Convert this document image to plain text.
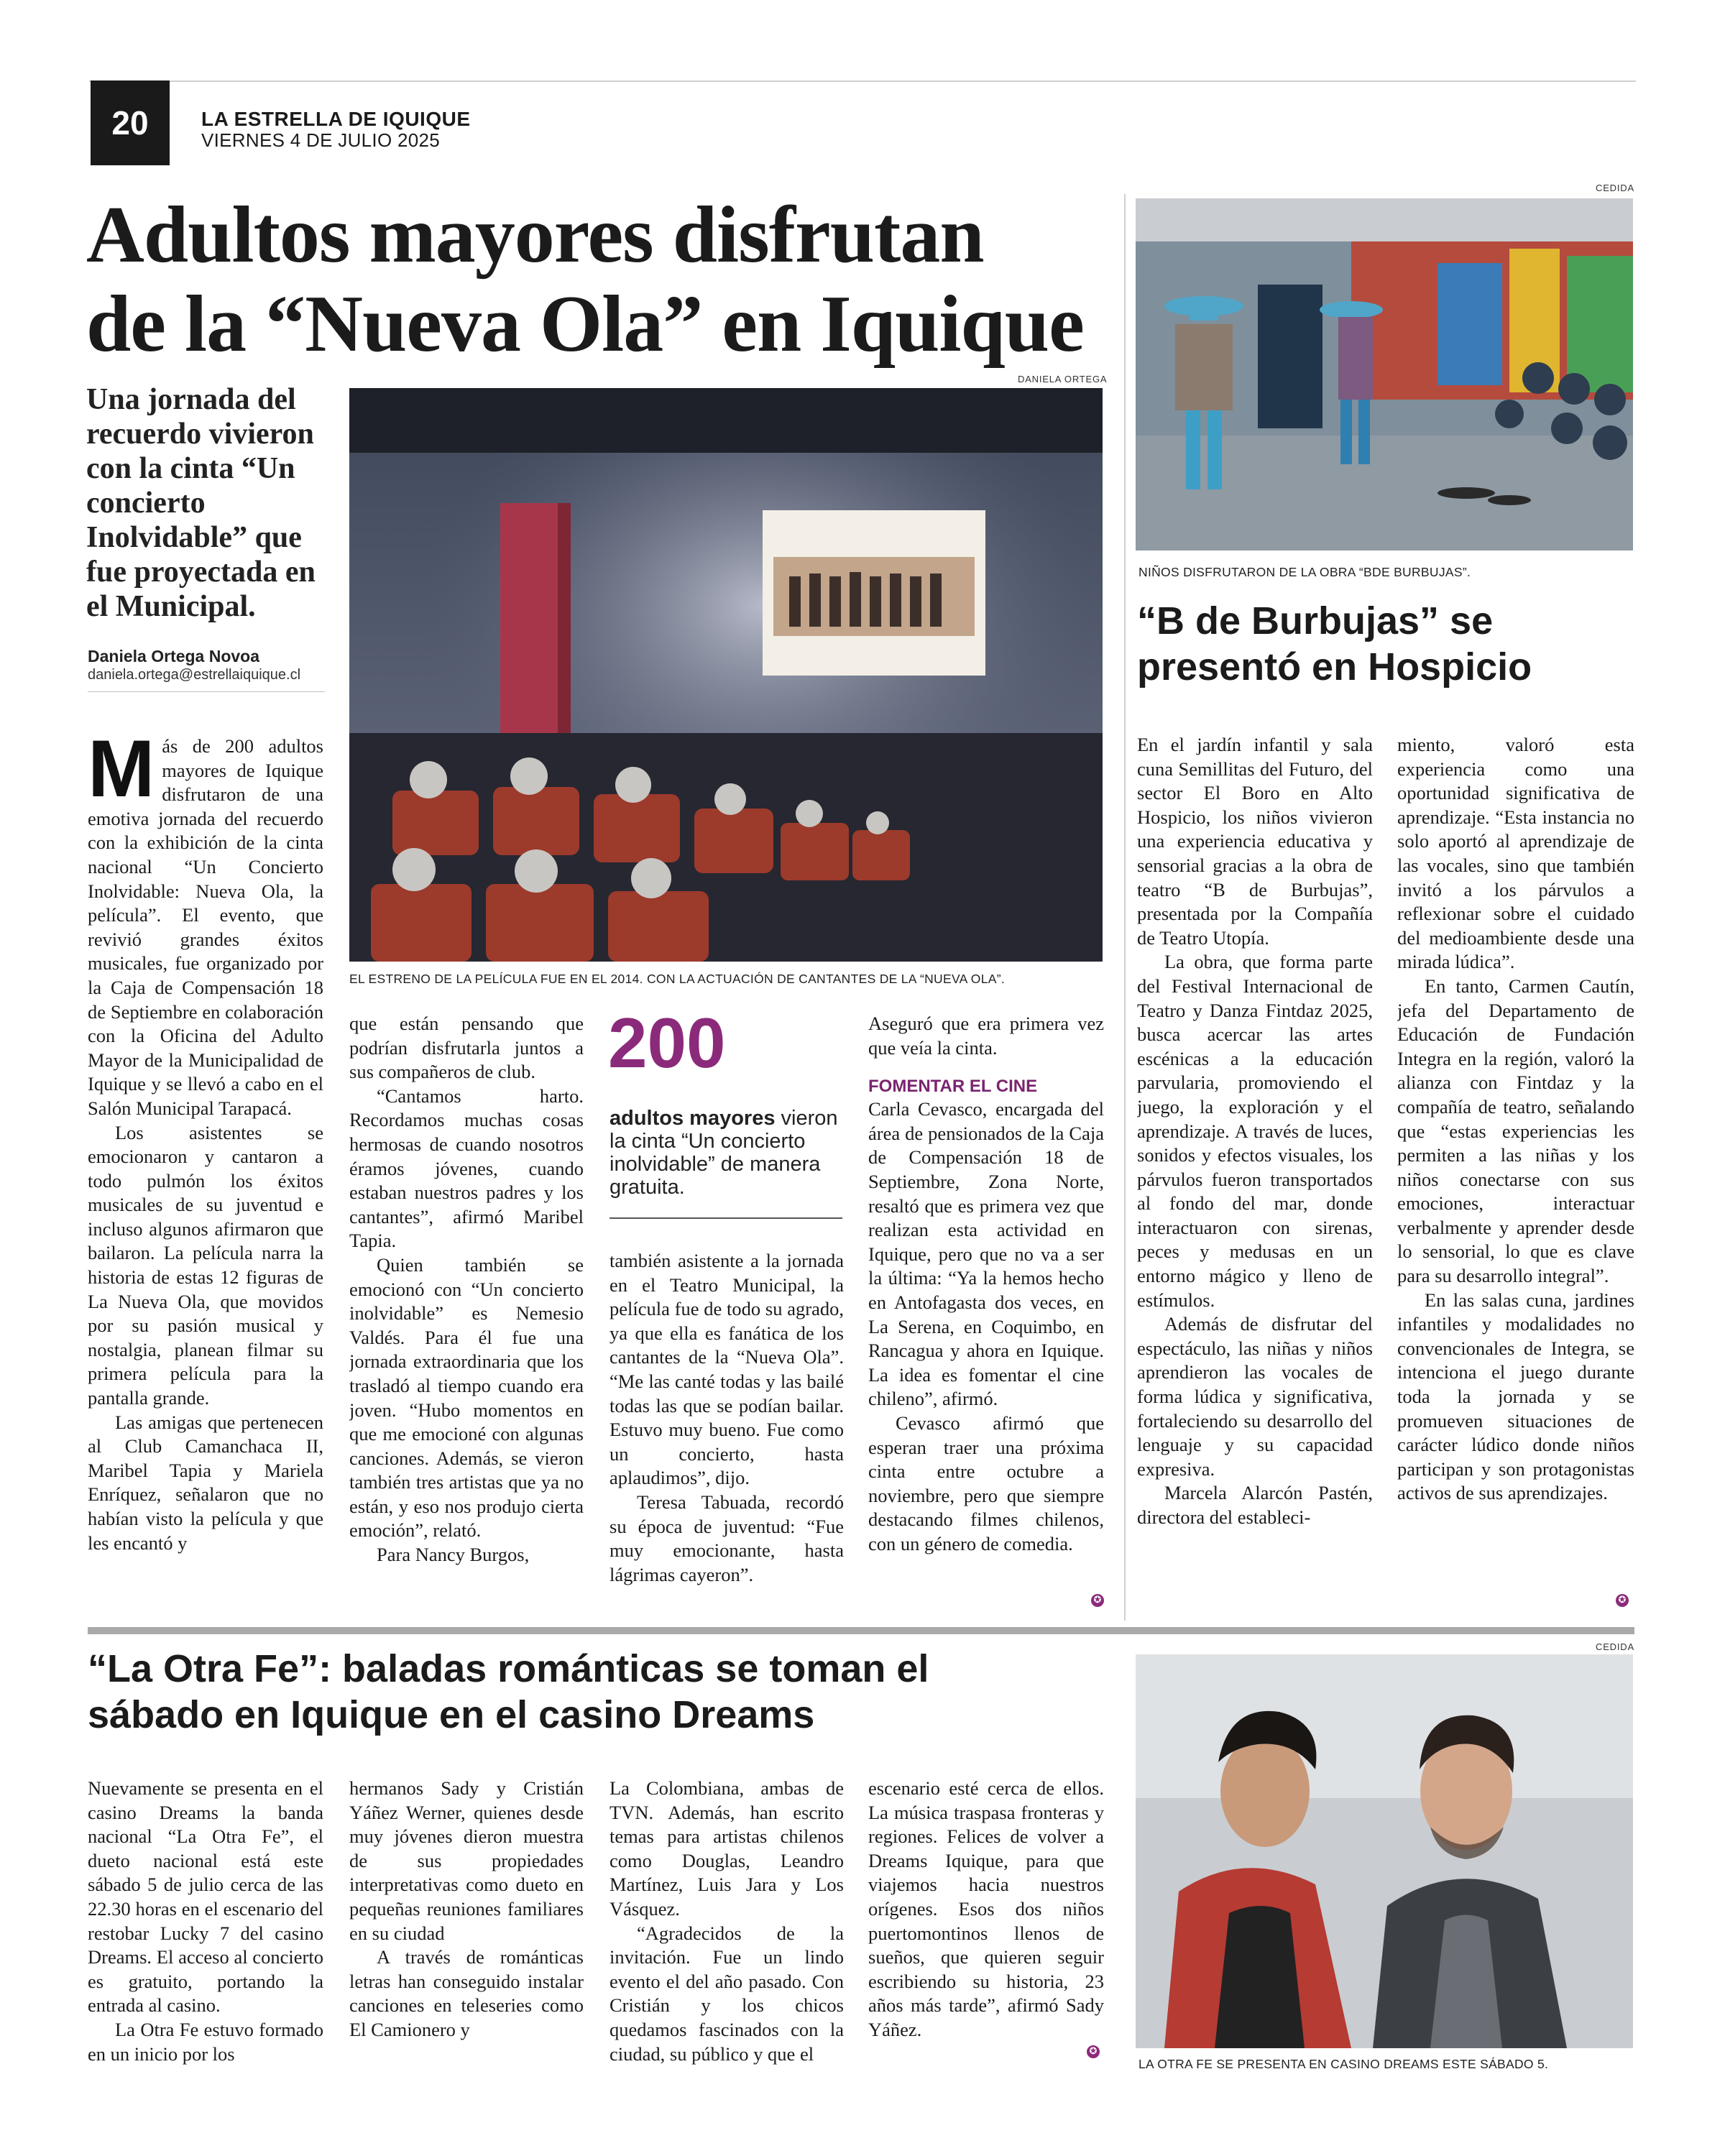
20	LA ESTRELLA DE IQUIQUE
VIERNES 4 DE JULIO 2025
Adultos mayores disfrutan
de la “Nueva Ola” en Iquique
Una jornada del recuerdo vivieron con la cinta “Un concierto Inolvidable” que fue proyectada en el Municipal.
Daniela Ortega Novoa
daniela.ortega@estrellaiquique.cl
DANIELA ORTEGA
EL ESTRENO DE LA PELÍCULA FUE EN EL 2014. CON LA ACTUACIÓN DE CANTANTES DE LA “NUEVA OLA”.

Más de 200 adultos mayores de Iquique disfrutaron de una emotiva jornada del recuerdo con la exhibición de la cinta nacional “Un Concierto Inolvidable: Nueva Ola, la película”. El evento, que revivió grandes éxitos musicales, fue organizado por la Caja de Compensación 18 de Septiembre en colaboración con la Oficina del Adulto Mayor de la Municipalidad de Iquique y se llevó a cabo en el Salón Municipal Tarapacá.

Los asistentes se emocionaron y cantaron a todo pulmón los éxitos musicales de su juventud e incluso algunos afirmaron que bailaron. La película narra la historia de estas 12 figuras de La Nueva Ola, que movidos por su pasión musical y nostalgia, planean filmar su primera película para la pantalla grande.

Las amigas que pertenecen al Club Camanchaca II, Maribel Tapia y Mariela Enríquez, señalaron que no habían visto la película y que les encantó y

que están pensando que podrían disfrutarla juntos a sus compañeros de club.

“Cantamos harto. Recordamos muchas cosas hermosas de cuando nosotros éramos jóvenes, cuando estaban nuestros padres y los cantantes”, afirmó Maribel Tapia.

Quien también se emocionó con “Un concierto inolvidable” es Nemesio Valdés. Para él fue una jornada extraordinaria que los trasladó al tiempo cuando era joven. “Hubo momentos en que me emocioné con algunas canciones. Además, se vieron también tres artistas que ya no están, y eso nos produjo cierta emoción”, relató.

Para Nancy Burgos,

200
adultos mayores vieron la cinta “Un concierto inolvidable” de manera gratuita.

también asistente a la jornada en el Teatro Municipal, la película fue de todo su agrado, ya que ella es fanática de los cantantes de la “Nueva Ola”. “Me las canté todas y las bailé todas las que se podían bailar. Estuvo muy bueno. Fue como un concierto, hasta aplaudimos”, dijo.

Teresa Tabuada, recordó su época de juventud: “Fue muy emocionante, hasta lágrimas cayeron”.

Aseguró que era primera vez que veía la cinta.

FOMENTAR EL CINE

Carla Cevasco, encargada del área de pensionados de la Caja de Compensación 18 de Septiembre, Zona Norte, resaltó que es primera vez que realizan esta actividad en Iquique, pero que no va a ser la última: “Ya la hemos hecho en Antofagasta dos veces, en La Serena, en Coquimbo, en Rancagua y ahora en Iquique. La idea es fomentar el cine chileno”, afirmó.

Cevasco afirmó que esperan traer una próxima cinta entre octubre a noviembre, pero que siempre destacando filmes chilenos, con un género de comedia.

✪
CEDIDA
NIÑOS DISFRUTARON DE LA OBRA “BDE BURBUJAS”.
“B de Burbujas” se
presentó en Hospicio

En el jardín infantil y sala cuna Semillitas del Futuro, del sector El Boro en Alto Hospicio, los niños vivieron una experiencia educativa y sensorial gracias a la obra de teatro “B de Burbujas”, presentada por la Compañía de Teatro Utopía.

La obra, que forma parte del Festival Internacional de Teatro y Danza Fintdaz 2025, busca acercar las artes escénicas a la educación parvularia, promoviendo el juego, la exploración y el aprendizaje. A través de luces, sonidos y efectos visuales, los párvulos fueron transportados al fondo del mar, donde interactuaron con sirenas, peces y medusas en un entorno mágico y lleno de estímulos.

Además de disfrutar del espectáculo, las niñas y niños aprendieron las vocales de forma lúdica y significativa, fortaleciendo su desarrollo del lenguaje y su capacidad expresiva.

Marcela Alarcón Pastén, directora del estableci-

miento, valoró esta experiencia como una oportunidad significativa de aprendizaje. “Esta instancia no solo aportó al aprendizaje de las vocales, sino que también invitó a los párvulos a reflexionar sobre el cuidado del medioambiente desde una mirada lúdica”.

En tanto, Carmen Cautín, jefa del Departamento de Educación de Fundación Integra en la región, valoró la alianza con Fintdaz y la compañía de teatro, señalando que “estas experiencias les permiten a las niñas y los niños conectarse con sus emociones, interactuar verbalmente y aprender desde lo sensorial, lo que es clave para su desarrollo integral”.

En las salas cuna, jardines infantiles y modalidades no convencionales de Integra, se intenciona el juego durante toda la jornada y se promueven situaciones de carácter lúdico donde niños participan y son protagonistas activos de sus aprendizajes.

✪
“La Otra Fe”: baladas románticas se toman el
sábado en Iquique en el casino Dreams

Nuevamente se presenta en el casino Dreams la banda nacional “La Otra Fe”, el dueto nacional está este sábado 5 de julio cerca de las 22.30 horas en el escenario del restobar Lucky 7 del casino Dreams. El acceso al concierto es gratuito, portando la entrada al casino.

La Otra Fe estuvo formado en un inicio por los

hermanos Sady y Cristián Yáñez Werner, quienes desde muy jóvenes dieron muestra de sus propiedades interpretativas como dueto en pequeñas reuniones familiares en su ciudad

A través de románticas letras han conseguido instalar canciones en teleseries como El Camionero y

La Colombiana, ambas de TVN. Además, han escrito temas para artistas chilenos como Douglas, Leandro Martínez, Luis Jara y Los Vásquez.

“Agradecidos de la invitación. Fue un lindo evento el del año pasado. Con Cristián y los chicos quedamos fascinados con la ciudad, su público y que el

escenario esté cerca de ellos. La música traspasa fronteras y regiones. Felices de volver a Dreams Iquique, para que viajemos hacia nuestros orígenes. Esos dos niños puertomontinos llenos de sueños, que quieren seguir escribiendo su historia, 23 años más tarde”, afirmó Sady Yáñez.

✪
CEDIDA
LA OTRA FE SE PRESENTA EN CASINO DREAMS ESTE SÁBADO 5.
